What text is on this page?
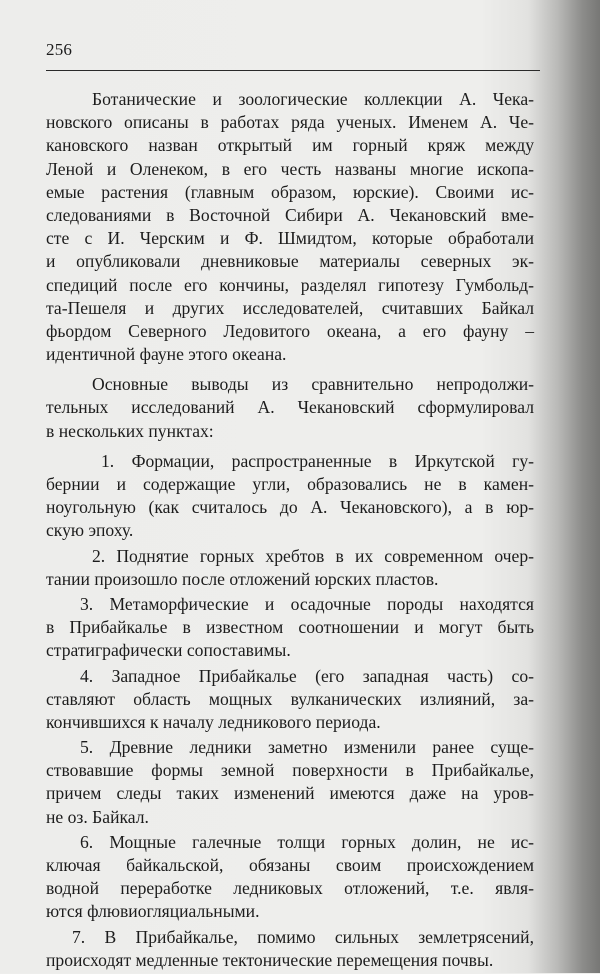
256
Ботанические и зоологические коллекции А. Чека-
новского описаны в работах ряда ученых. Именем А. Че-
кановского назван открытый им горный кряж между
Леной и Оленеком, в его честь названы многие ископа-
емые растения (главным образом, юрские). Своими ис-
следованиями в Восточной Сибири А. Чекановский вме-
сте с И. Черским и Ф. Шмидтом, которые обработали
и опубликовали дневниковые материалы северных эк-
спедиций после его кончины, разделял гипотезу Гумбольд-
та-Пешеля и других исследователей, считавших Байкал
фьордом Северного Ледовитого океана, а его фауну –
идентичной фауне этого океана.
Основные выводы из сравнительно непродолжи-
тельных исследований А. Чекановский сформулировал
в нескольких пунктах:
1. Формации, распространенные в Иркутской гу-
бернии и содержащие угли, образовались не в камен-
ноугольную (как считалось до А. Чекановского), а в юр-
скую эпоху.
2. Поднятие горных хребтов в их современном очер-
тании произошло после отложений юрских пластов.
3. Метаморфические и осадочные породы находятся
в Прибайкалье в известном соотношении и могут быть
стратиграфически сопоставимы.
4. Западное Прибайкалье (его западная часть) со-
ставляют область мощных вулканических излияний, за-
кончившихся к началу ледникового периода.
5. Древние ледники заметно изменили ранее суще-
ствовавшие формы земной поверхности в Прибайкалье,
причем следы таких изменений имеются даже на уров-
не оз. Байкал.
6. Мощные галечные толщи горных долин, не ис-
ключая байкальской, обязаны своим происхождением
водной переработке ледниковых отложений, т.е. явля-
ются флювиогляциальными.
7. В Прибайкалье, помимо сильных землетрясений,
происходят медленные тектонические перемещения почвы.
